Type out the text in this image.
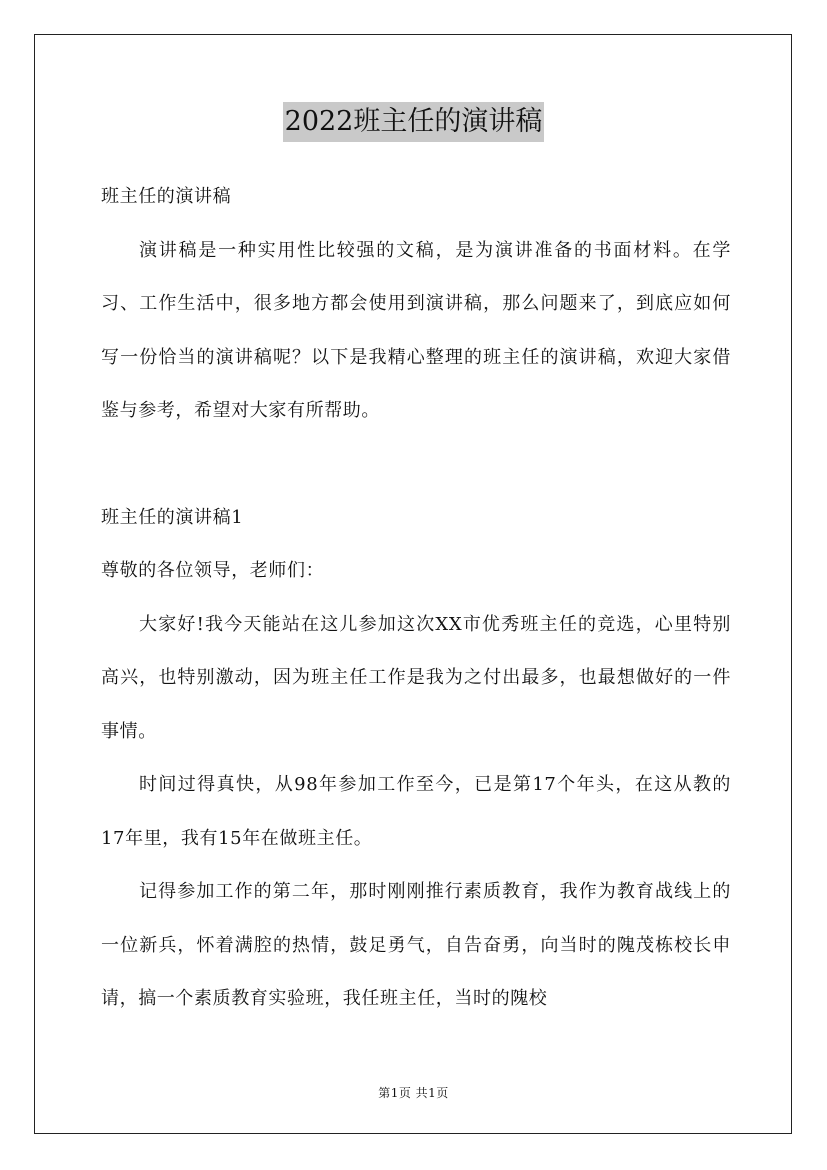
2022班主任的演讲稿

班主任的演讲稿

演讲稿是一种实用性比较强的文稿，是为演讲准备的书面材料。在学习、工作生活中，很多地方都会使用到演讲稿，那么问题来了，到底应如何写一份恰当的演讲稿呢？以下是我精心整理的班主任的演讲稿，欢迎大家借鉴与参考，希望对大家有所帮助。

班主任的演讲稿1

尊敬的各位领导，老师们：

大家好!我今天能站在这儿参加这次XX市优秀班主任的竞选，心里特别高兴，也特别激动，因为班主任工作是我为之付出最多，也最想做好的一件事情。

时间过得真快，从98年参加工作至今，已是第17个年头，在这从教的17年里，我有15年在做班主任。

记得参加工作的第二年，那时刚刚推行素质教育，我作为教育战线上的一位新兵，怀着满腔的热情，鼓足勇气，自告奋勇，向当时的隗茂栋校长申请，搞一个素质教育实验班，我任班主任，当时的隗校

第1页 共1页
